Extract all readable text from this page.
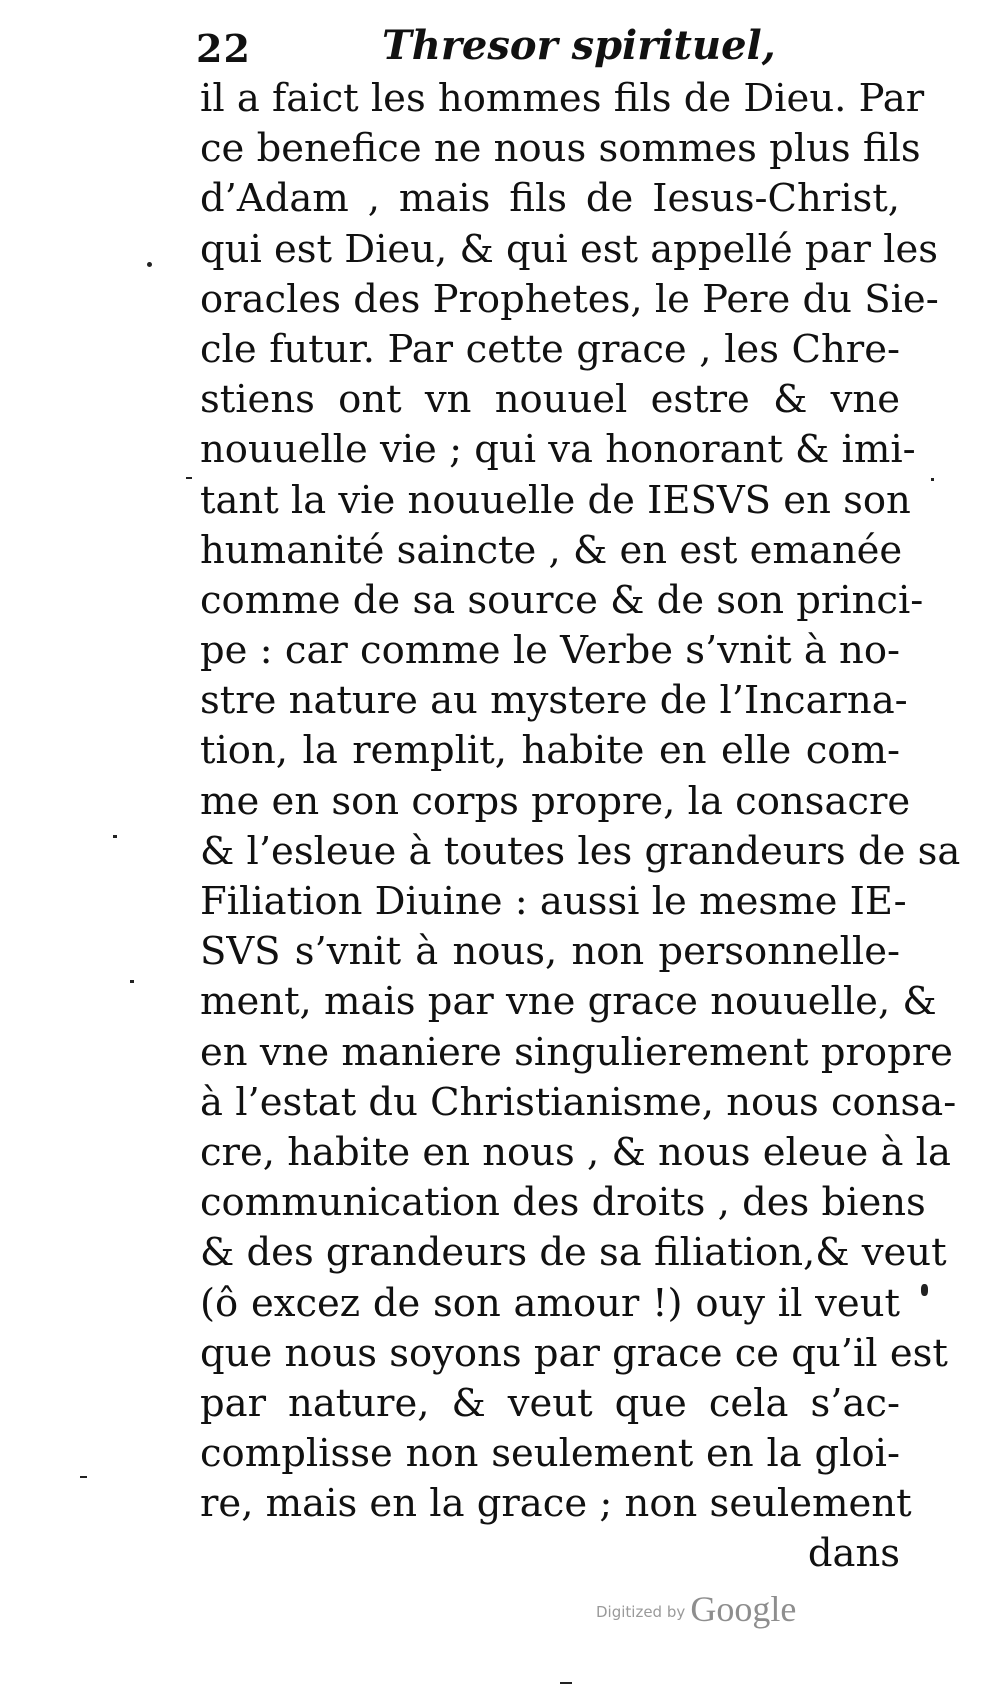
22	Thresor spirituel,
il a faict les hommes fils de Dieu. Par
ce benefice ne nous sommes plus fils
d’Adam , mais fils de Iesus-Christ,
qui est Dieu, & qui est appellé par les
oracles des Prophetes, le Pere du Sie-
cle futur. Par cette grace , les Chre-
stiens ont vn nouuel estre & vne
nouuelle vie ; qui va honorant & imi-
tant la vie nouuelle de IESVS en son
humanité saincte , & en est emanée
comme de sa source & de son princi-
pe : car comme le Verbe s’vnit à no-
stre nature au mystere de l’Incarna-
tion, la remplit, habite en elle com-
me en son corps propre, la consacre
& l’esleue à toutes les grandeurs de sa
Filiation Diuine : aussi le mesme IE-
SVS s’vnit à nous, non personnelle-
ment, mais par vne grace nouuelle, &
en vne maniere singulierement propre
à l’estat du Christianisme, nous consa-
cre, habite en nous , & nous eleue à la
communication des droits , des biens
& des grandeurs de sa filiation,& veut
(ô excez de son amour !) ouy il veut
que nous soyons par grace ce qu’il est
par nature, & veut que cela s’ac-
complisse non seulement en la gloi-
re, mais en la grace ; non seulement
dans
Digitized by Google
